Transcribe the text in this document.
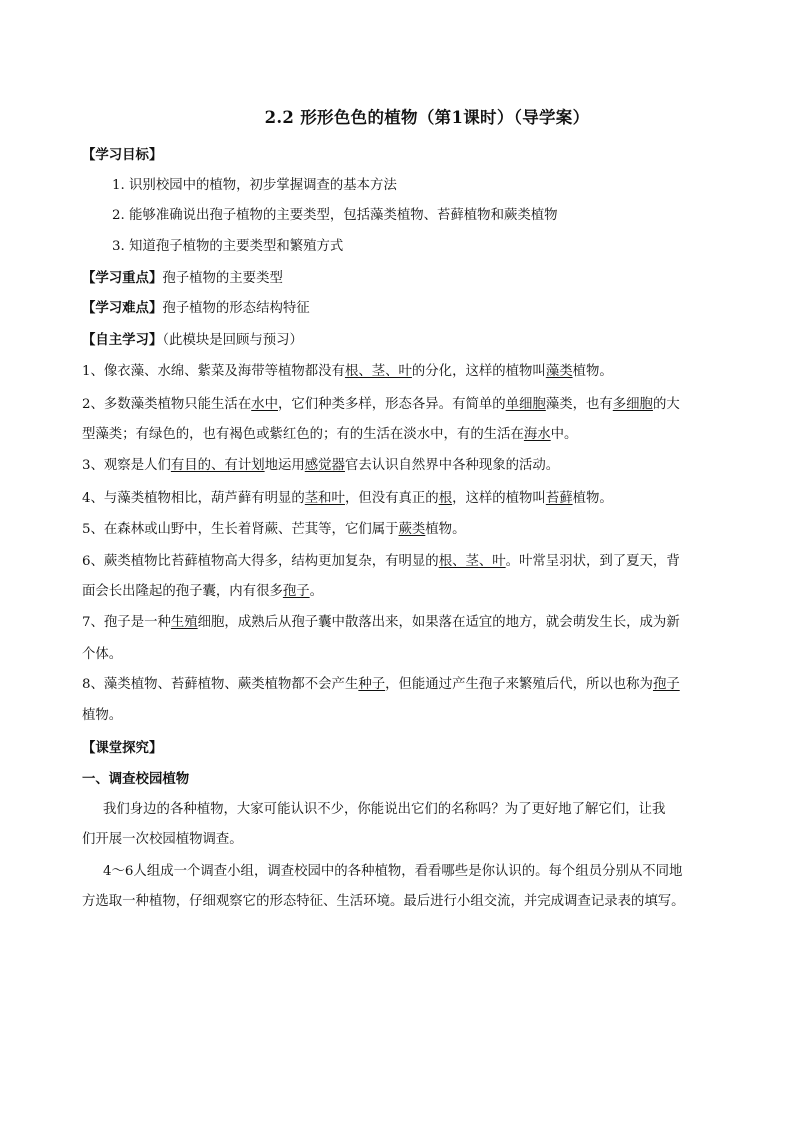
2.2 形形色色的植物（第1课时）（导学案）
【学习目标】
1. 识别校园中的植物，初步掌握调查的基本方法
2. 能够准确说出孢子植物的主要类型，包括藻类植物、苔藓植物和蕨类植物
3. 知道孢子植物的主要类型和繁殖方式
【学习重点】孢子植物的主要类型
【学习难点】孢子植物的形态结构特征
【自主学习】（此模块是回顾与预习）
1、像衣藻、水绵、紫菜及海带等植物都没有根、茎、叶的分化，这样的植物叫藻类植物。
2、多数藻类植物只能生活在水中，它们种类多样，形态各异。有简单的单细胞藻类，也有多细胞的大
型藻类；有绿色的，也有褐色或紫红色的；有的生活在淡水中，有的生活在海水中。
3、观察是人们有目的、有计划地运用感觉器官去认识自然界中各种现象的活动。
4、与藻类植物相比，葫芦藓有明显的茎和叶，但没有真正的根，这样的植物叫苔藓植物。
5、在森林或山野中，生长着肾蕨、芒萁等，它们属于蕨类植物。
6、蕨类植物比苔藓植物高大得多，结构更加复杂，有明显的根、茎、叶。叶常呈羽状，到了夏天，背
面会长出隆起的孢子囊，内有很多孢子。
7、孢子是一种生殖细胞，成熟后从孢子囊中散落出来，如果落在适宜的地方，就会萌发生长，成为新
个体。
8、藻类植物、苔藓植物、蕨类植物都不会产生种子，但能通过产生孢子来繁殖后代，所以也称为孢子
植物。
【课堂探究】
一、调查校园植物
我们身边的各种植物，大家可能认识不少，你能说出它们的名称吗？为了更好地了解它们，让我
们开展一次校园植物调查。
4～6人组成一个调查小组，调查校园中的各种植物，看看哪些是你认识的。每个组员分别从不同地
方选取一种植物，仔细观察它的形态特征、生活环境。最后进行小组交流，并完成调查记录表的填写。
